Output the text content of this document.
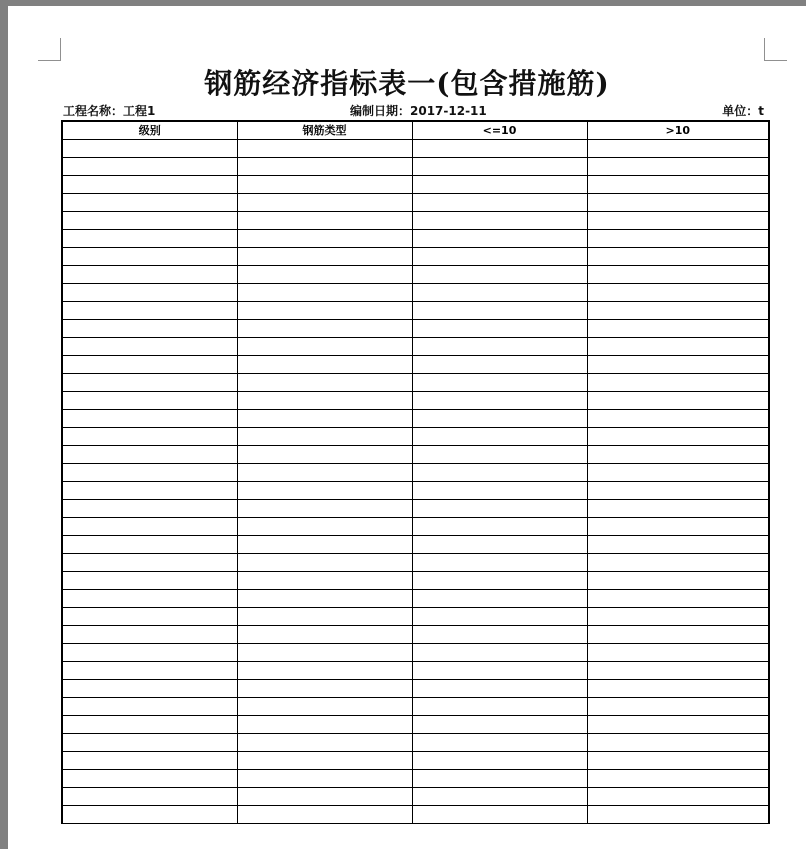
钢筋经济指标表一(包含措施筋)
工程名称：工程1	编制日期：2017-12-11	单位：t
级别	钢筋类型	<=10	>10
